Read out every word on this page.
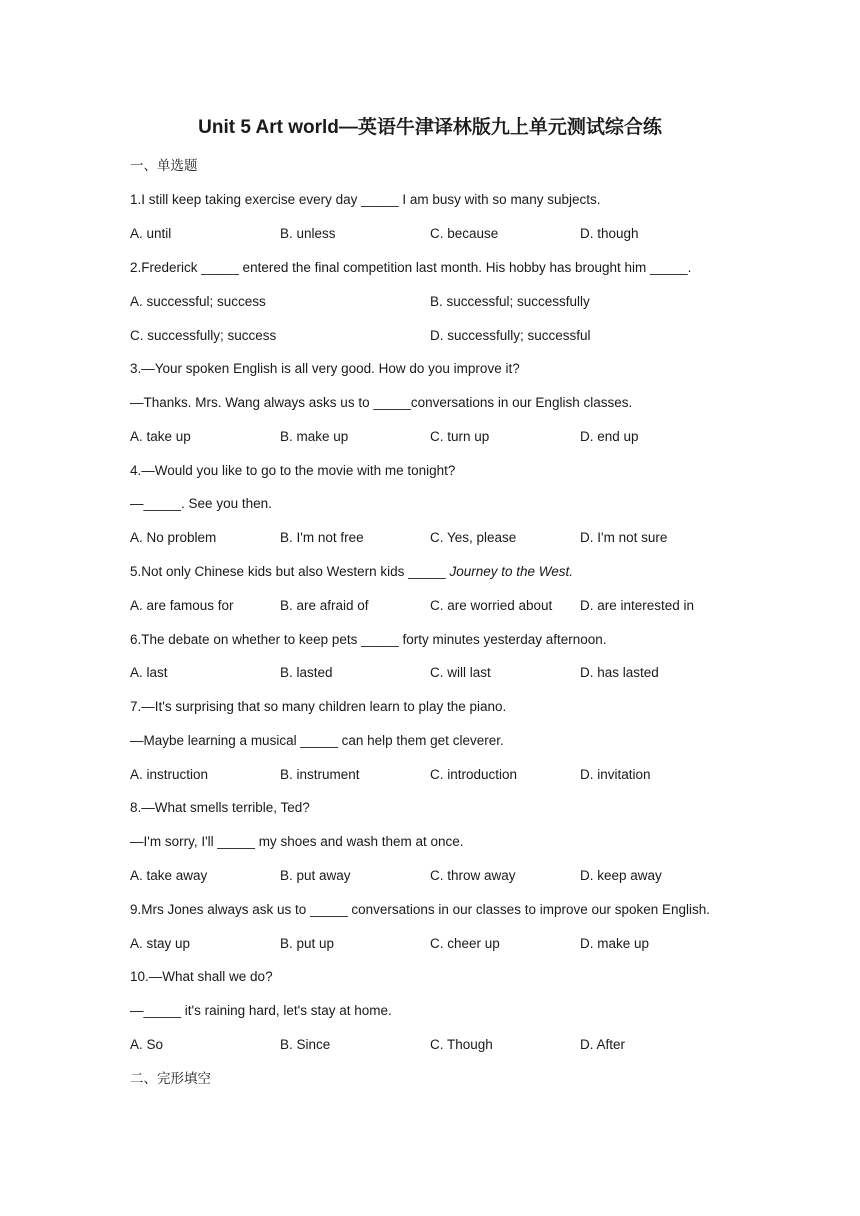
Unit 5 Art world—英语牛津译林版九上单元测试综合练
一、单选题
1.I still keep taking exercise every day _____ I am busy with so many subjects.
A. until	B. unless	C. because	D. though
2.Frederick _____ entered the final competition last month. His hobby has brought him _____.
A. successful; success	B. successful; successfully
C. successfully; success	D. successfully; successful
3.—Your spoken English is all very good. How do you improve it?
—Thanks. Mrs. Wang always asks us to _____conversations in our English classes.
A. take up	B. make up	C. turn up	D. end up
4.—Would you like to go to the movie with me tonight?
—_____. See you then.
A. No problem	B. I'm not free	C. Yes, please	D. I'm not sure
5.Not only Chinese kids but also Western kids _____ Journey to the West.
A. are famous for	B. are afraid of	C. are worried about D. are interested in
6.The debate on whether to keep pets _____ forty minutes yesterday afternoon.
A. last	B. lasted	C. will last	D. has lasted
7.—It's surprising that so many children learn to play the piano.
—Maybe learning a musical _____ can help them get cleverer.
A. instruction	B. instrument	C. introduction	D. invitation
8.—What smells terrible, Ted?
—I'm sorry, I'll _____ my shoes and wash them at once.
A. take away	B. put away	C. throw away	D. keep away
9.Mrs Jones always ask us to _____ conversations in our classes to improve our spoken English.
A. stay up	B. put up	C. cheer up	D. make up
10.—What shall we do?
—_____ it's raining hard, let's stay at home.
A. So	B. Since	C. Though	D. After
二、完形填空
